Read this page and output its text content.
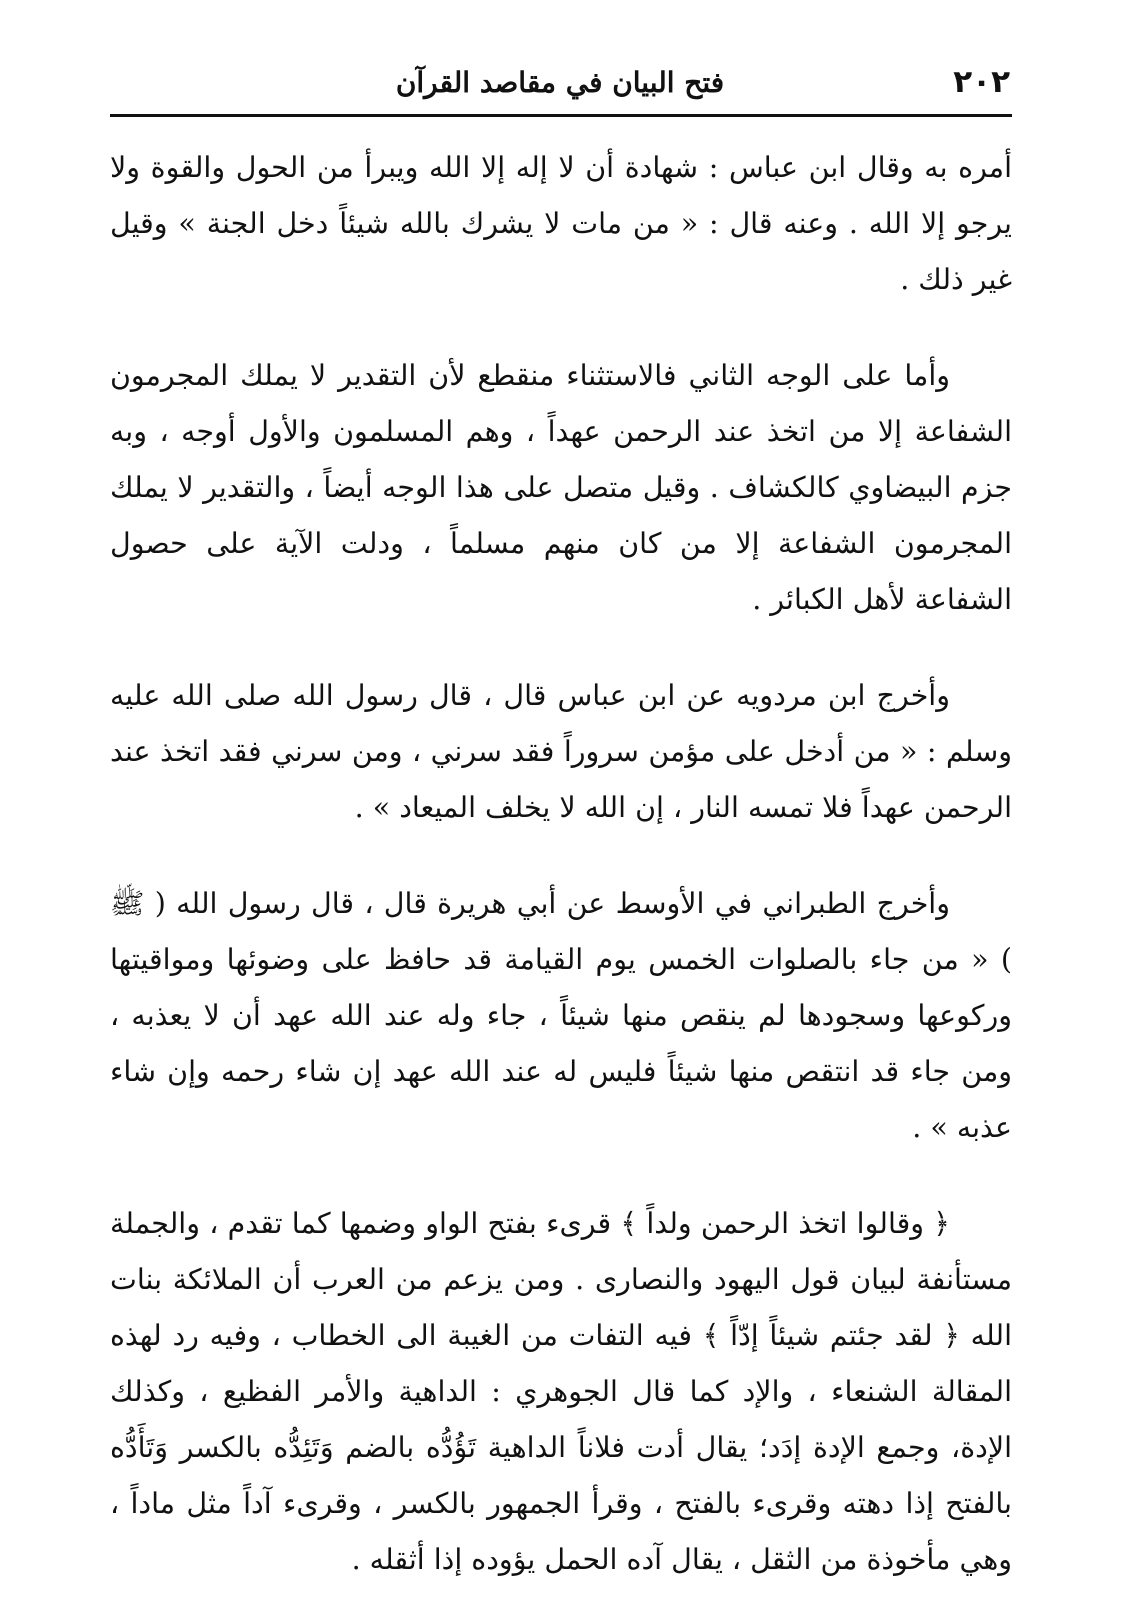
٢٠٢
فتح البيان في مقاصد القرآن

أمره به وقال ابن عباس : شهادة أن لا إله إلا الله ويبرأ من الحول والقوة ولا يرجو إلا الله . وعنه قال : « من مات لا يشرك بالله شيئاً دخل الجنة » وقيل غير ذلك .

وأما على الوجه الثاني فالاستثناء منقطع لأن التقدير لا يملك المجرمون الشفاعة إلا من اتخذ عند الرحمن عهداً ، وهم المسلمون والأول أوجه ، وبه جزم البيضاوي كالكشاف . وقيل متصل على هذا الوجه أيضاً ، والتقدير لا يملك المجرمون الشفاعة إلا من كان منهم مسلماً ، ودلت الآية على حصول الشفاعة لأهل الكبائر .

وأخرج ابن مردويه عن ابن عباس قال ، قال رسول الله صلى الله عليه وسلم : « من أدخل على مؤمن سروراً فقد سرني ، ومن سرني فقد اتخذ عند الرحمن عهداً فلا تمسه النار ، إن الله لا يخلف الميعاد » .

وأخرج الطبراني في الأوسط عن أبي هريرة قال ، قال رسول الله ( ﷺ ) « من جاء بالصلوات الخمس يوم القيامة قد حافظ على وضوئها ومواقيتها وركوعها وسجودها لم ينقص منها شيئاً ، جاء وله عند الله عهد أن لا يعذبه ، ومن جاء قد انتقص منها شيئاً فليس له عند الله عهد إن شاء رحمه وإن شاء عذبه » .

﴿ وقالوا اتخذ الرحمن ولداً ﴾ قرىء بفتح الواو وضمها كما تقدم ، والجملة مستأنفة لبيان قول اليهود والنصارى . ومن يزعم من العرب أن الملائكة بنات الله ﴿ لقد جئتم شيئاً إدّاً ﴾ فيه التفات من الغيبة الى الخطاب ، وفيه رد لهذه المقالة الشنعاء ، والإد كما قال الجوهري : الداهية والأمر الفظيع ، وكذلك الإدة، وجمع الإدة إدَد؛ يقال أدت فلاناً الداهية تَؤُدُّه بالضم وَتَئِدُّه بالكسر وَتَأَدُّه بالفتح إذا دهته وقرىء بالفتح ، وقرأ الجمهور بالكسر ، وقرىء آداً مثل ماداً ، وهي مأخوذة من الثقل ، يقال آده الحمل يؤوده إذا أثقله .
